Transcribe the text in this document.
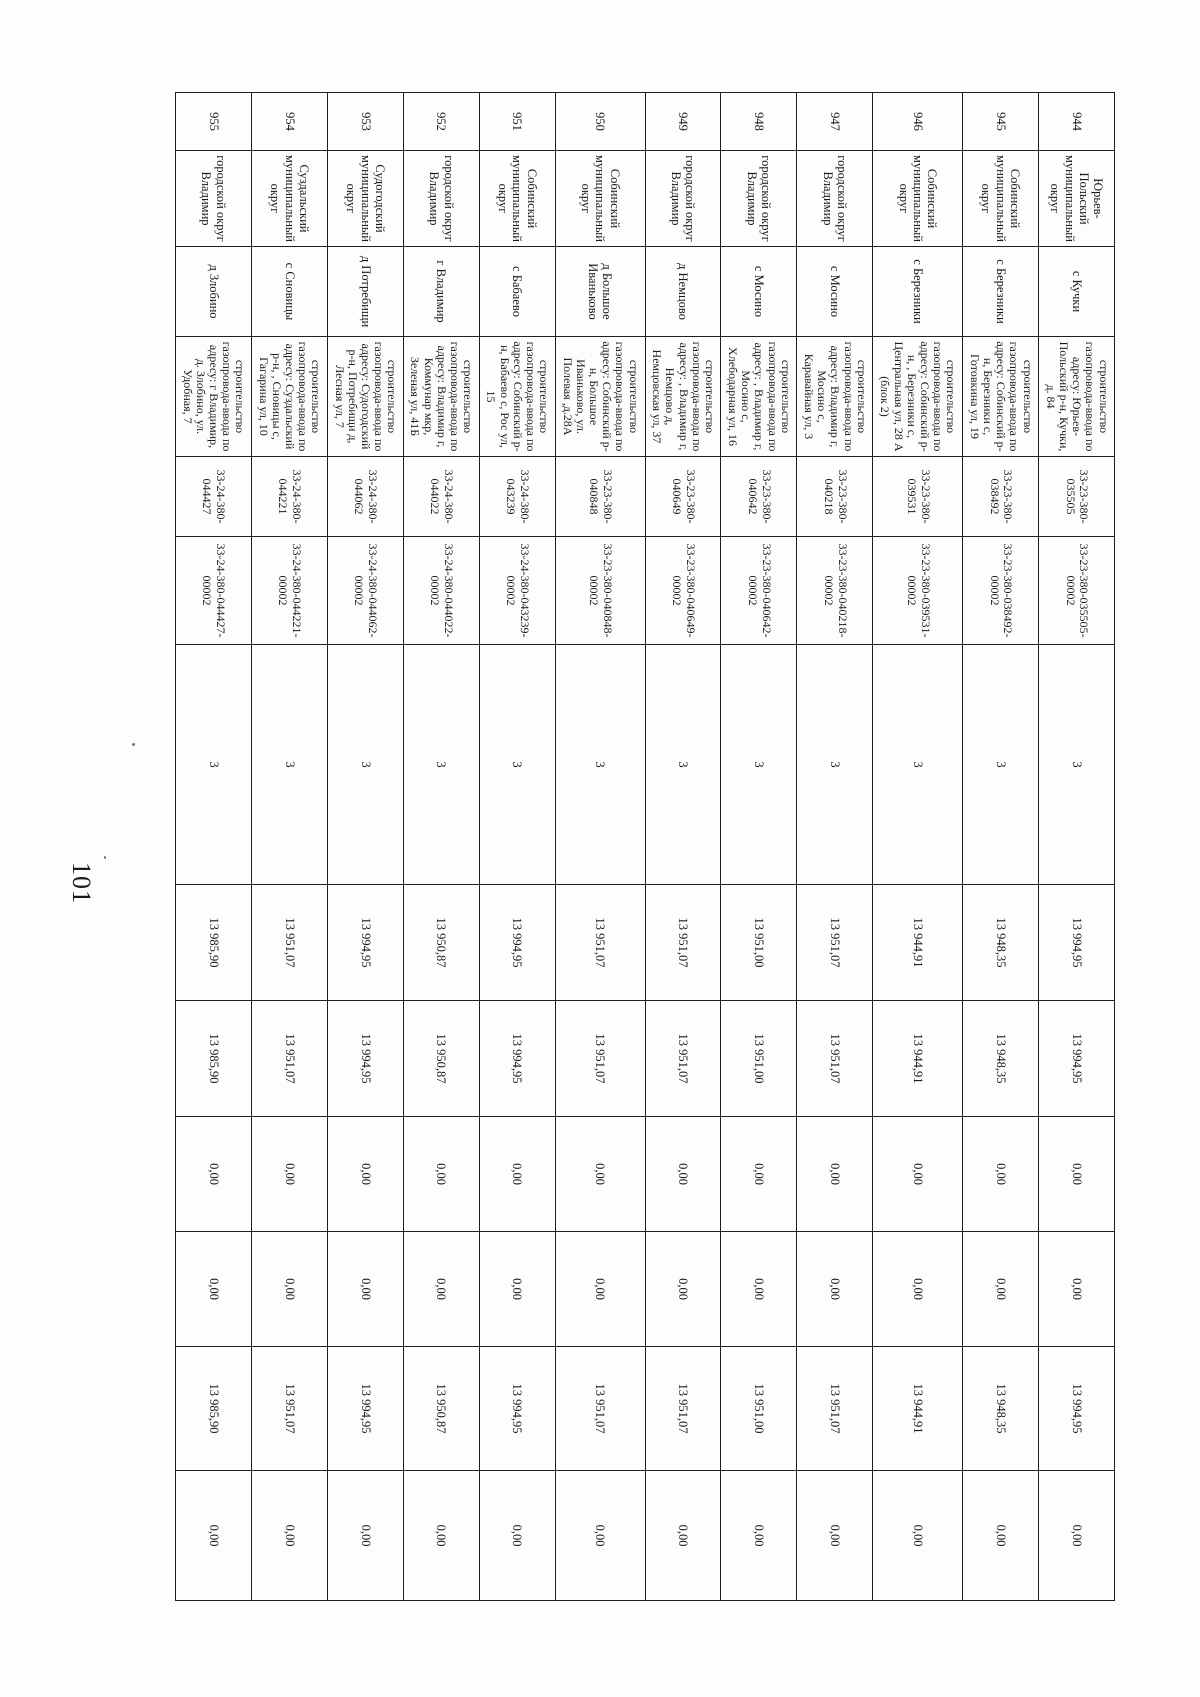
101
944	Юрьев-Польский муниципальный округ	с Кучки	строительство газопровода-ввода по адресу: Юрьев-Польский р-н, Кучки, д. 84	33-23-380-035505	33-23-380-035505-00002	3	13 994,95	13 994,95	0,00	0,00	13 994,95	0,00
945	Собинский муниципальный округ	с Березники	строительство газопровода-ввода по адресу: Собинский р-н, Березники с, Готовкина ул, 19	33-23-380-038492	33-23-380-038492-00002	3	13 948,35	13 948,35	0,00	0,00	13 948,35	0,00
946	Собинский муниципальный округ	с Березники	строительство газопровода-ввода по адресу: Собинский р-н, , Березники с, Центральная ул, 28 А (блок 2)	33-23-380-039531	33-23-380-039531-00002	3	13 944,91	13 944,91	0,00	0,00	13 944,91	0,00
947	городской округ Владимир	с Мосино	строительство газопровода-ввода по адресу: Владимир г, Мосино с, Каравайная ул, 3	33-23-380-040218	33-23-380-040218-00002	3	13 951,07	13 951,07	0,00	0,00	13 951,07	0,00
948	городской округ Владимир	с Мосино	строительство газопровода-ввода по адресу: , Владимир г, Мосино с, Хлебодарная ул, 16	33-23-380-040642	33-23-380-040642-00002	3	13 951,00	13 951,00	0,00	0,00	13 951,00	0,00
949	городской округ Владимир	д Немцово	строительство газопровода-ввода по адресу: , Владимир г, Немцово д, Немцовская ул, 37	33-23-380-040649	33-23-380-040649-00002	3	13 951,07	13 951,07	0,00	0,00	13 951,07	0,00
950	Собинский муниципальный округ	д Большое Иваньково	строительство газопровода-ввода по адресу: Собинский р-н, Большое Иваньково, ул. Полевая ,д.28А	33-23-380-040848	33-23-380-040848-00002	3	13 951,07	13 951,07	0,00	0,00	13 951,07	0,00
951	Собинский муниципальный округ	с Бабаево	строительство газопровода-ввода по адресу: Собинский р-н, Бабаево с, Рос ул, 15	33-24-380-043239	33-24-380-043239-00002	3	13 994,95	13 994,95	0,00	0,00	13 994,95	0,00
952	городской округ Владимир	г Владимир	строительство газопровода-ввода по адресу: Владимир г, Коммунар мкр, Зеленая ул, 41Б	33-24-380-044022	33-24-380-044022-00002	3	13 950,87	13 950,87	0,00	0,00	13 950,87	0,00
953	Судогодский муниципальный округ	д Потребищи	строительство газопровода-ввода по адресу: Судогодский р-н, Потребищи д, Лесная ул, 7	33-24-380-044062	33-24-380-044062-00002	3	13 994,95	13 994,95	0,00	0,00	13 994,95	0,00
954	Суздальский муниципальный округ	с Сновицы	строительство газопровода-ввода по адресу: Суздальский р-н, , Сновицы с, Гагарина ул, 10	33-24-380-044221	33-24-380-044221-00002	3	13 951,07	13 951,07	0,00	0,00	13 951,07	0,00
955	городской округ Владимир	д Злобино	строительство газопровода-ввода по адресу: г Владимир, д. Злобино, ул. Удобная, 7	33-24-380-044427	33-24-380-044427-00002	3	13 985,90	13 985,90	0,00	0,00	13 985,90	0,00
